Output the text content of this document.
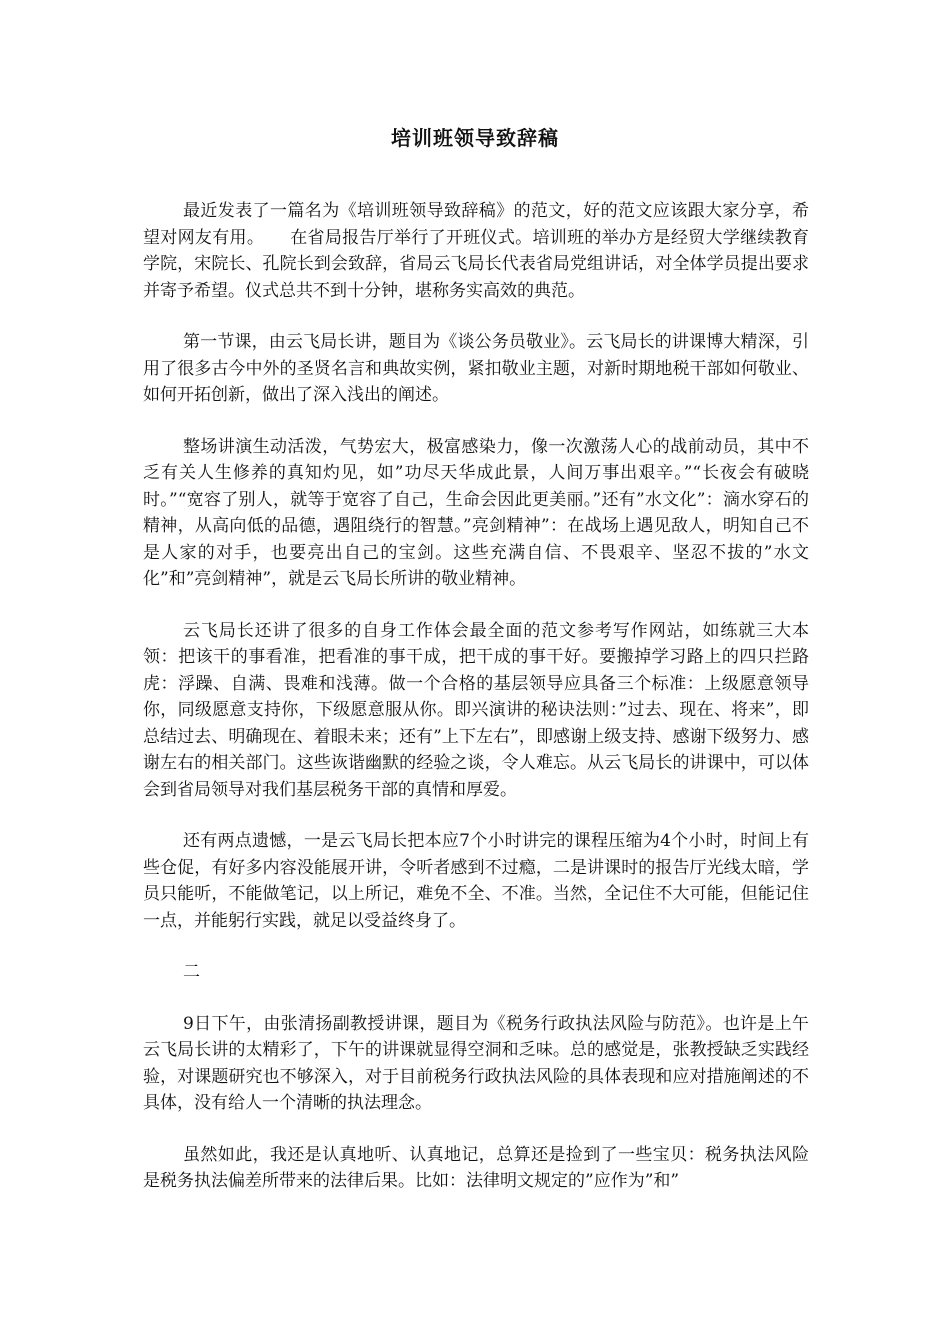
培训班领导致辞稿

最近发表了一篇名为《培训班领导致辞稿》的范文，好的范文应该跟大家分享，希望对网友有用。　　在省局报告厅举行了开班仪式。培训班的举办方是经贸大学继续教育学院，宋院长、孔院长到会致辞，省局云飞局长代表省局党组讲话，对全体学员提出要求并寄予希望。仪式总共不到十分钟，堪称务实高效的典范。

第一节课，由云飞局长讲，题目为《谈公务员敬业》。云飞局长的讲课博大精深，引用了很多古今中外的圣贤名言和典故实例，紧扣敬业主题，对新时期地税干部如何敬业、如何开拓创新，做出了深入浅出的阐述。

整场讲演生动活泼，气势宏大，极富感染力，像一次激荡人心的战前动员，其中不乏有关人生修养的真知灼见，如”功尽天华成此景，人间万事出艰辛。”“长夜会有破晓时。”“宽容了别人，就等于宽容了自己，生命会因此更美丽。”还有”水文化”：滴水穿石的精神，从高向低的品德，遇阻绕行的智慧。”亮剑精神”：在战场上遇见敌人，明知自己不是人家的对手，也要亮出自己的宝剑。这些充满自信、不畏艰辛、坚忍不拔的”水文化”和”亮剑精神”，就是云飞局长所讲的敬业精神。

云飞局长还讲了很多的自身工作体会最全面的范文参考写作网站，如练就三大本领：把该干的事看准，把看准的事干成，把干成的事干好。要搬掉学习路上的四只拦路虎：浮躁、自满、畏难和浅薄。做一个合格的基层领导应具备三个标准：上级愿意领导你，同级愿意支持你，下级愿意服从你。即兴演讲的秘诀法则：”过去、现在、将来”，即总结过去、明确现在、着眼未来；还有”上下左右”，即感谢上级支持、感谢下级努力、感谢左右的相关部门。这些诙谐幽默的经验之谈，令人难忘。从云飞局长的讲课中，可以体会到省局领导对我们基层税务干部的真情和厚爱。

还有两点遗憾，一是云飞局长把本应7个小时讲完的课程压缩为4个小时，时间上有些仓促，有好多内容没能展开讲，令听者感到不过瘾，二是讲课时的报告厅光线太暗，学员只能听，不能做笔记，以上所记，难免不全、不准。当然，全记住不大可能，但能记住一点，并能躬行实践，就足以受益终身了。

二

9日下午，由张清扬副教授讲课，题目为《税务行政执法风险与防范》。也许是上午云飞局长讲的太精彩了，下午的讲课就显得空洞和乏味。总的感觉是，张教授缺乏实践经验，对课题研究也不够深入，对于目前税务行政执法风险的具体表现和应对措施阐述的不具体，没有给人一个清晰的执法理念。

虽然如此，我还是认真地听、认真地记，总算还是捡到了一些宝贝：税务执法风险是税务执法偏差所带来的法律后果。比如：法律明文规定的”应作为”和”
